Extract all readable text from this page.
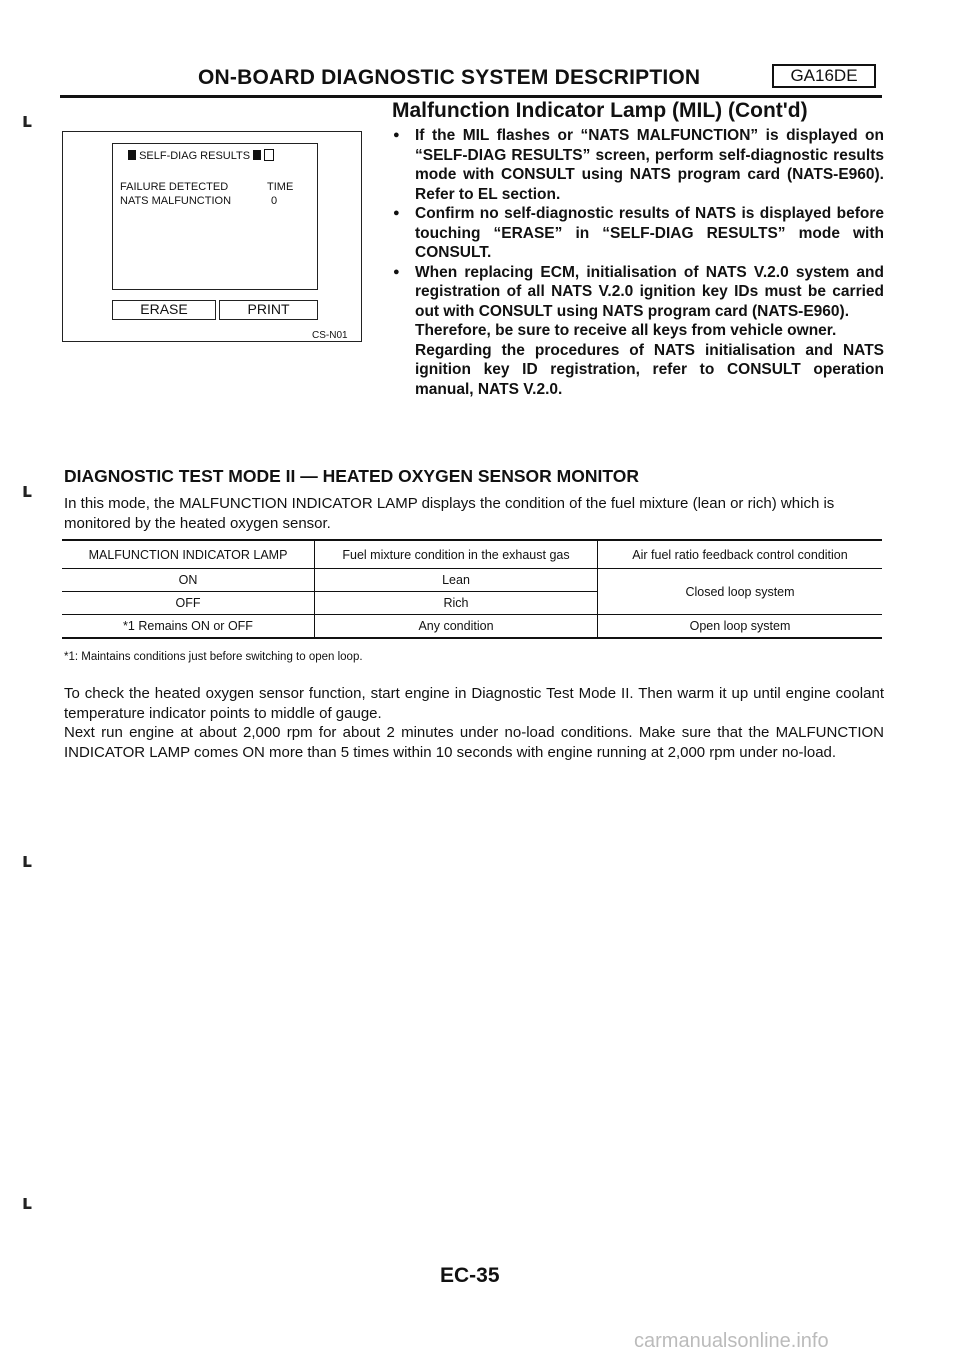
ON-BOARD DIAGNOSTIC SYSTEM DESCRIPTION	GA16DE
Malfunction Indicator Lamp (MIL) (Cont'd)
ւ
ւ
ւ
ւ
SELF-DIAG RESULTS
FAILURE DETECTED	TIME
NATS MALFUNCTION	0
ERASE	PRINT
CS-N01
● If the MIL flashes or “NATS MALFUNCTION” is displayed on “SELF-DIAG RESULTS” screen, perform self-diagnostic results mode with CONSULT using NATS program card (NATS-E960). Refer to EL section.
● Confirm no self-diagnostic results of NATS is displayed before touching “ERASE” in “SELF-DIAG RESULTS” mode with CONSULT.
● When replacing ECM, initialisation of NATS V.2.0 system and registration of all NATS V.2.0 ignition key IDs must be carried out with CONSULT using NATS program card (NATS-E960).

Therefore, be sure to receive all keys from vehicle owner.

Regarding the procedures of NATS initialisation and NATS ignition key ID registration, refer to CONSULT operation manual, NATS V.2.0.

DIAGNOSTIC TEST MODE II — HEATED OXYGEN SENSOR MONITOR
In this mode, the MALFUNCTION INDICATOR LAMP displays the condition of the fuel mixture (lean or rich) which is monitored by the heated oxygen sensor.
MALFUNCTION INDICATOR LAMP	Fuel mixture condition in the exhaust gas	Air fuel ratio feedback control condition
ON	Lean	Closed loop system
OFF	Rich	
*1 Remains ON or OFF	Any condition	Open loop system
*1: Maintains conditions just before switching to open loop.

To check the heated oxygen sensor function, start engine in Diagnostic Test Mode II. Then warm it up until engine coolant temperature indicator points to middle of gauge.

Next run engine at about 2,000 rpm for about 2 minutes under no-load conditions. Make sure that the MALFUNCTION INDICATOR LAMP comes ON more than 5 times within 10 seconds with engine running at 2,000 rpm under no-load.

EC-35
carmanualsonline.info
